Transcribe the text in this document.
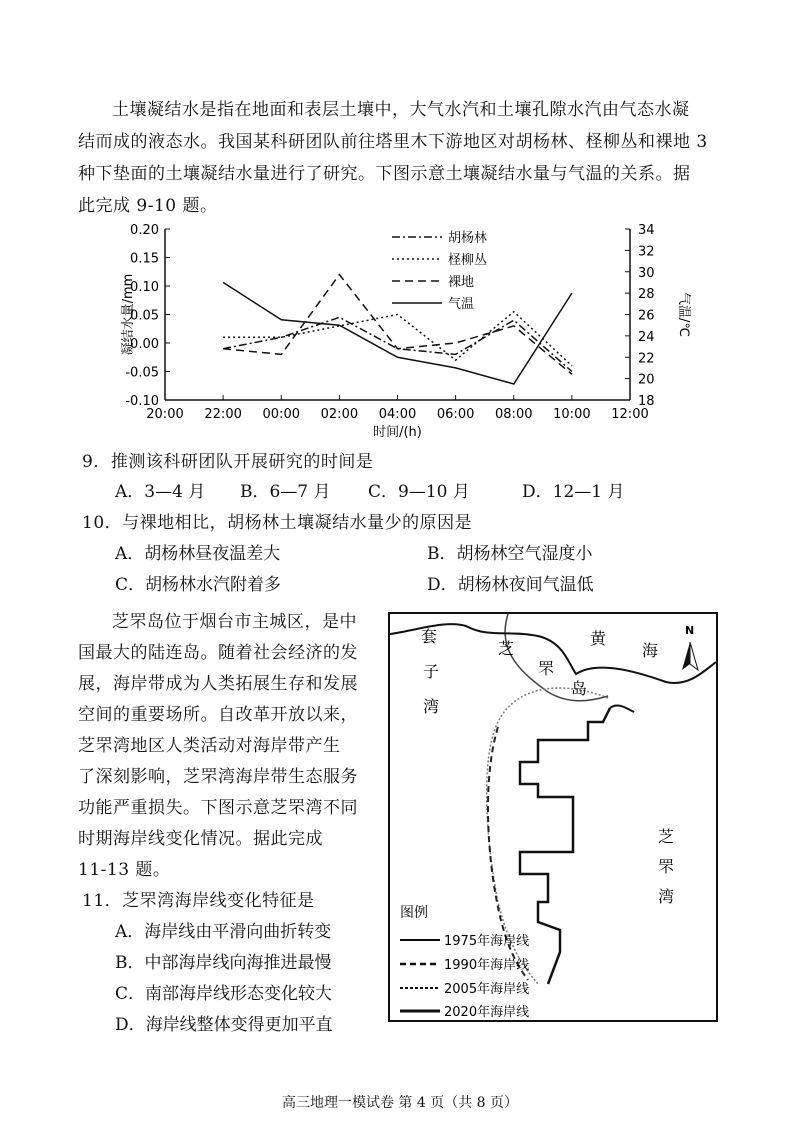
土壤凝结水是指在地面和表层土壤中，大气水汽和土壤孔隙水汽由气态水凝
结而成的液态水。我国某科研团队前往塔里木下游地区对胡杨林、柽柳丛和裸地 3
种下垫面的土壤凝结水量进行了研究。下图示意土壤凝结水量与气温的关系。据
此完成 9-10 题。
0.20
0.15
0.10
0.05
0.00
-0.05
-0.10
34
32
30
28
26
24
22
20
18
20:00 22:00 00:00 02:00 04:00 06:00 08:00 10:00 12:00
时间/(h)
凝结水量/mm	气温/℃
胡杨林
柽柳丛
裸地
气温
9．推测该科研团队开展研究的时间是
A．3—4 月 B．6—7 月 C．9—10 月	D．12—1 月
10．与裸地相比，胡杨林土壤凝结水量少的原因是
A．胡杨林昼夜温差大	B．胡杨林空气湿度小
C．胡杨林水汽附着多	D．胡杨林夜间气温低
芝罘岛位于烟台市主城区，是中
国最大的陆连岛。随着社会经济的发
展，海岸带成为人类拓展生存和发展
空间的重要场所。自改革开放以来，
芝罘湾地区人类活动对海岸带产生
了深刻影响，芝罘湾海岸带生态服务
功能严重损失。下图示意芝罘湾不同
时期海岸线变化情况。据此完成
11-13 题。
11．芝罘湾海岸线变化特征是
A．海岸线由平滑向曲折转变
B．中部海岸线向海推进最慢
C．南部海岸线形态变化较大
D．海岸线整体变得更加平直
套
子
湾
芝
罘
岛
黄
海
芝
罘
湾
N
图例
1975年海岸线
1990年海岸线
2005年海岸线
2020年海岸线
高三地理一模试卷 第 4 页（共 8 页）
